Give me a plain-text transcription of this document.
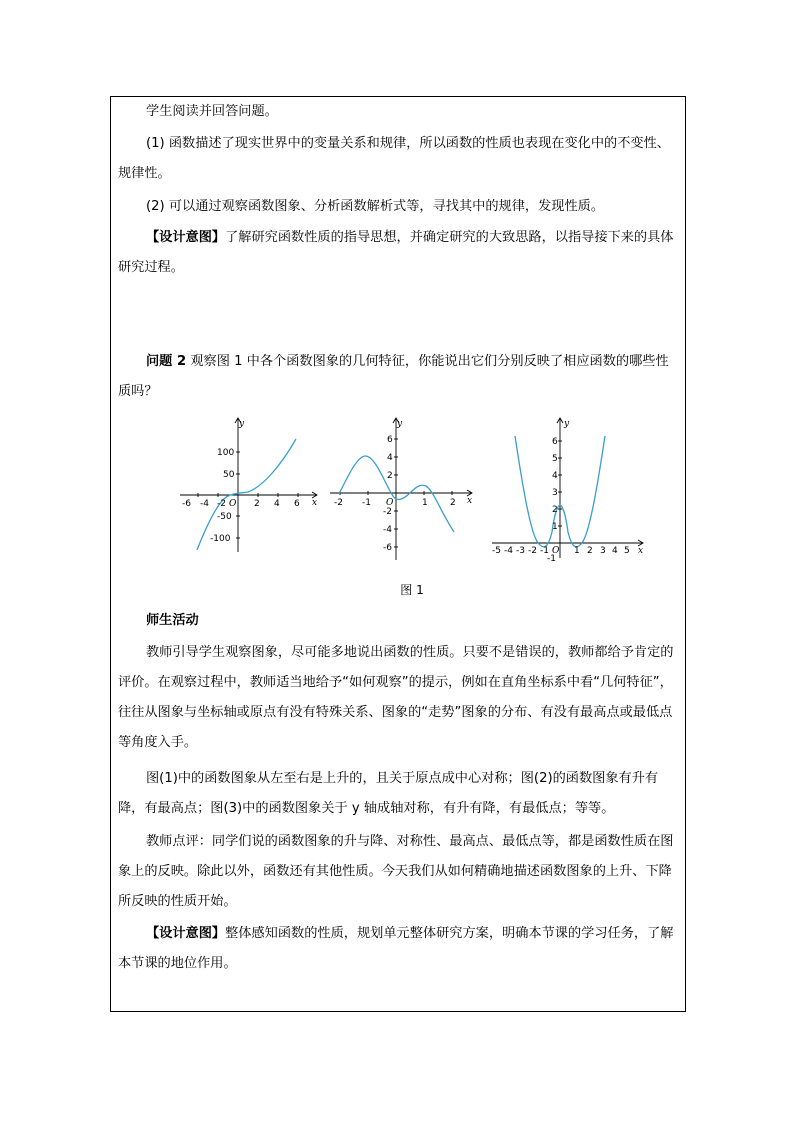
学生阅读并回答问题。

(1) 函数描述了现实世界中的变量关系和规律，所以函数的性质也表现在变化中的不变性、规律性。

(2) 可以通过观察函数图象、分析函数解析式等，寻找其中的规律，发现性质。

【设计意图】了解研究函数性质的指导思想，并确定研究的大致思路，以指导接下来的具体研究过程。

问题 2 观察图 1 中各个函数图象的几何特征，你能说出它们分别反映了相应函数的哪些性质吗？

y
x
-6 -4 -2 O 2 4 6
100
50
-50
-100
y
x
-2 -1 O	1 2
6
4
2
-2
-4
-6
y
x
-5 -4 -3 -2 -1 O 1 2 3 4 5
6
5
4
3
2
1
-1
图 1

师生活动

教师引导学生观察图象，尽可能多地说出函数的性质。只要不是错误的，教师都给予肯定的评价。在观察过程中，教师适当地给予“如何观察”的提示，例如在直角坐标系中看“几何特征”，往往从图象与坐标轴或原点有没有特殊关系、图象的“走势”图象的分布、有没有最高点或最低点等角度入手。

图(1)中的函数图象从左至右是上升的，且关于原点成中心对称；图(2)的函数图象有升有降，有最高点；图(3)中的函数图象关于 y 轴成轴对称，有升有降，有最低点；等等。

教师点评：同学们说的函数图象的升与降、对称性、最高点、最低点等，都是函数性质在图象上的反映。除此以外，函数还有其他性质。今天我们从如何精确地描述函数图象的上升、下降所反映的性质开始。

【设计意图】整体感知函数的性质，规划单元整体研究方案，明确本节课的学习任务，了解本节课的地位作用。
